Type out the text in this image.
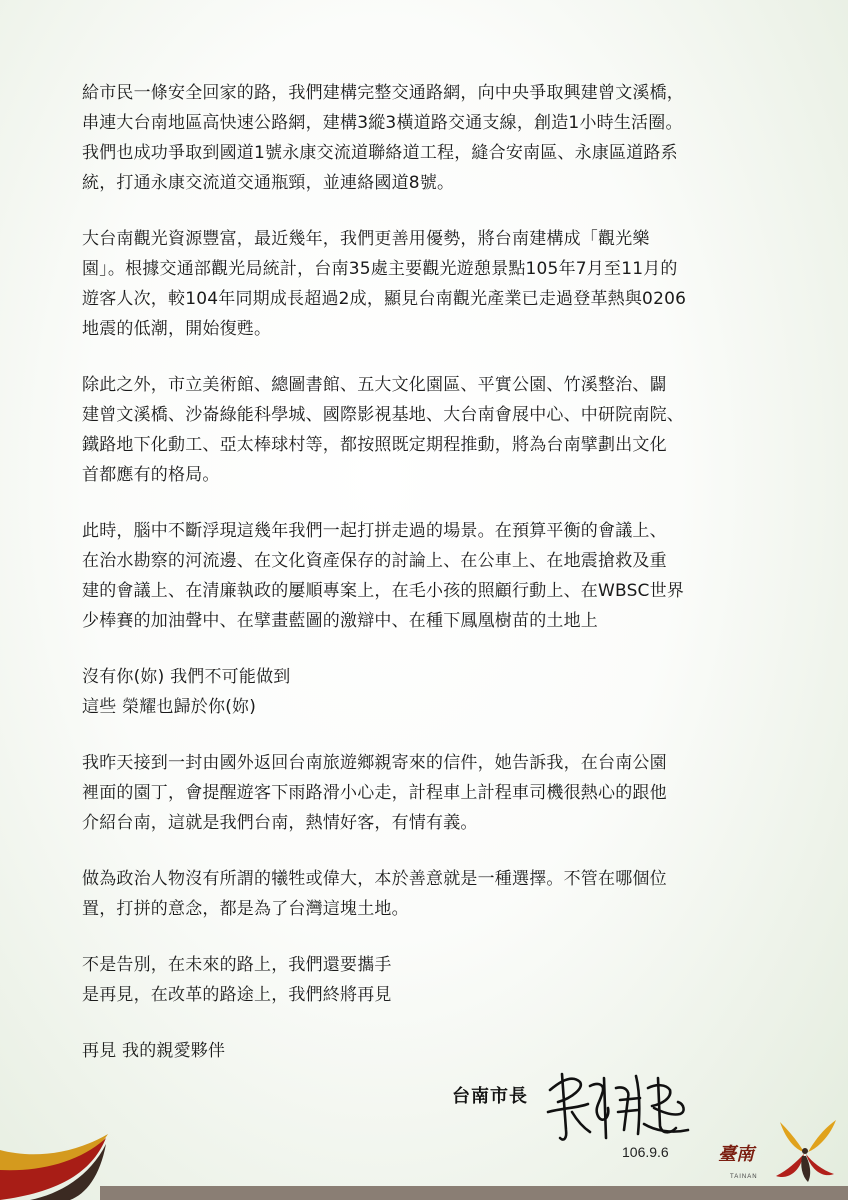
給市民一條安全回家的路，我們建構完整交通路網，向中央爭取興建曾文溪橋，
串連大台南地區高快速公路網，建構3縱3橫道路交通支線，創造1小時生活圈。
我們也成功爭取到國道1號永康交流道聯絡道工程，縫合安南區、永康區道路系
統，打通永康交流道交通瓶頸，並連絡國道8號。

大台南觀光資源豐富，最近幾年，我們更善用優勢，將台南建構成「觀光樂
園」。根據交通部觀光局統計，台南35處主要觀光遊憩景點105年7月至11月的
遊客人次，較104年同期成長超過2成，顯見台南觀光產業已走過登革熱與0206
地震的低潮，開始復甦。

除此之外，市立美術館、總圖書館、五大文化園區、平實公園、竹溪整治、闢
建曾文溪橋、沙崙綠能科學城、國際影視基地、大台南會展中心、中研院南院、
鐵路地下化動工、亞太棒球村等，都按照既定期程推動，將為台南擘劃出文化
首都應有的格局。

此時，腦中不斷浮現這幾年我們一起打拼走過的場景。在預算平衡的會議上、
在治水勘察的河流邊、在文化資產保存的討論上、在公車上、在地震搶救及重
建的會議上、在清廉執政的屢順專案上，在毛小孩的照顧行動上、在WBSC世界
少棒賽的加油聲中、在擘畫藍圖的激辯中、在種下鳳凰樹苗的土地上

沒有你(妳) 我們不可能做到
這些 榮耀也歸於你(妳)

我昨天接到一封由國外返回台南旅遊鄉親寄來的信件，她告訴我，在台南公園
裡面的園丁，會提醒遊客下雨路滑小心走，計程車上計程車司機很熱心的跟他
介紹台南，這就是我們台南，熱情好客，有情有義。

做為政治人物沒有所謂的犧牲或偉大，本於善意就是一種選擇。不管在哪個位
置，打拼的意念，都是為了台灣這塊土地。

不是告別，在未來的路上，我們還要攜手
是再見，在改革的路途上，我們終將再見

再見 我的親愛夥伴

台南市長
106.9.6	臺南
TAINAN
